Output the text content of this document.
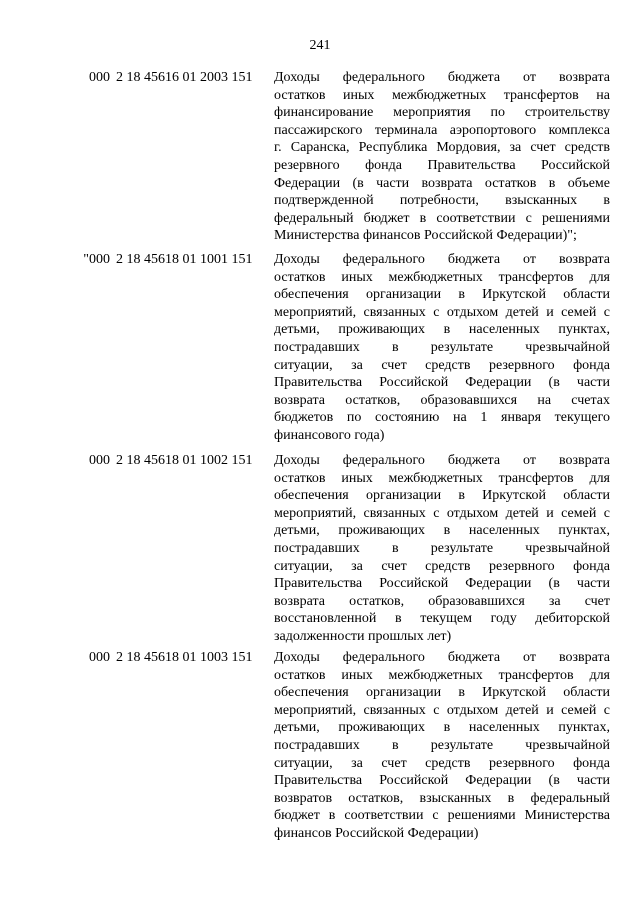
241
000 2 18 45616 01 2003 151	Доходы федерального бюджета от возврата
остатков иных межбюджетных трансфертов на
финансирование мероприятия по строительству
пассажирского терминала аэропортового комплекса
г. Саранска, Республика Мордовия, за счет средств
резервного фонда Правительства Российской
Федерации (в части возврата остатков в объеме
подтвержденной потребности, взысканных в
федеральный бюджет в соответствии с решениями
Министерства финансов Российской Федерации)";
"000 2 18 45618 01 1001 151	Доходы федерального бюджета от возврата
остатков иных межбюджетных трансфертов для
обеспечения организации в Иркутской области
мероприятий, связанных с отдыхом детей и семей с
детьми, проживающих в населенных пунктах,
пострадавших в результате чрезвычайной
ситуации, за счет средств резервного фонда
Правительства Российской Федерации (в части
возврата остатков, образовавшихся на счетах
бюджетов по состоянию на 1 января текущего
финансового года)
000 2 18 45618 01 1002 151	Доходы федерального бюджета от возврата
остатков иных межбюджетных трансфертов для
обеспечения организации в Иркутской области
мероприятий, связанных с отдыхом детей и семей с
детьми, проживающих в населенных пунктах,
пострадавших в результате чрезвычайной
ситуации, за счет средств резервного фонда
Правительства Российской Федерации (в части
возврата остатков, образовавшихся за счет
восстановленной в текущем году дебиторской
задолженности прошлых лет)
000 2 18 45618 01 1003 151	Доходы федерального бюджета от возврата
остатков иных межбюджетных трансфертов для
обеспечения организации в Иркутской области
мероприятий, связанных с отдыхом детей и семей с
детьми, проживающих в населенных пунктах,
пострадавших в результате чрезвычайной
ситуации, за счет средств резервного фонда
Правительства Российской Федерации (в части
возвратов остатков, взысканных в федеральный
бюджет в соответствии с решениями Министерства
финансов Российской Федерации)
